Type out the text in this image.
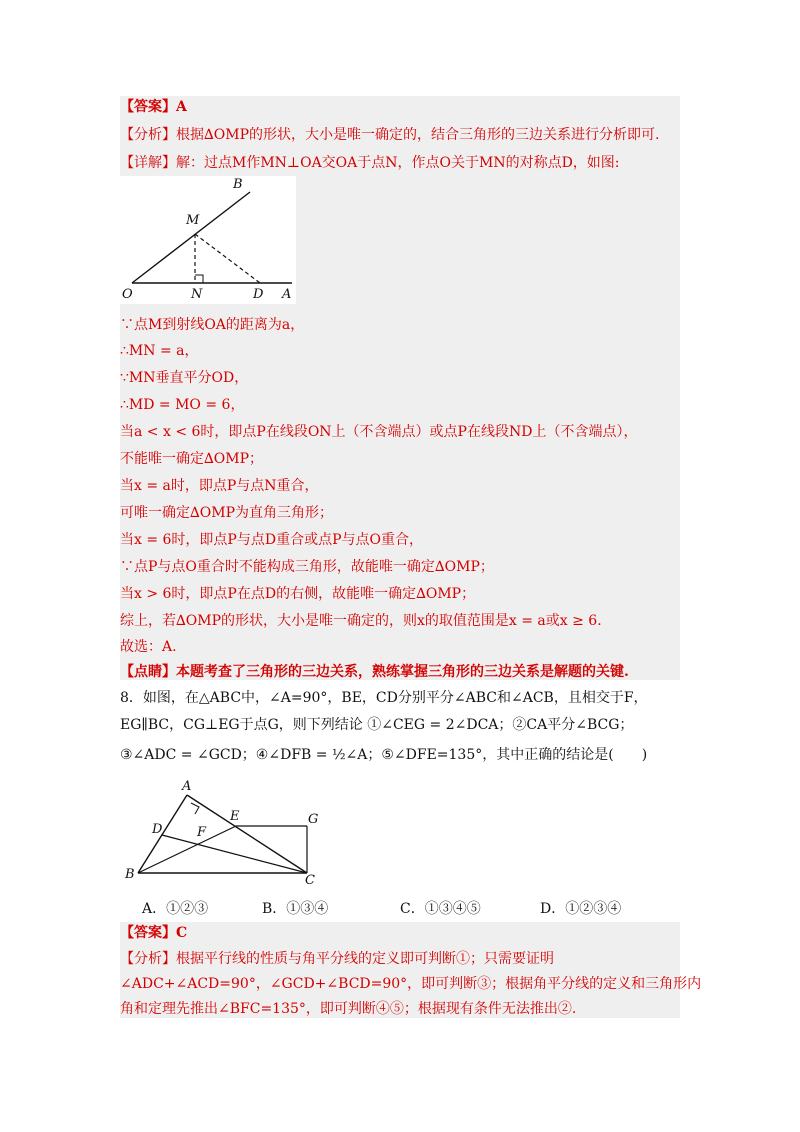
【答案】A
【分析】根据∆OMP的形状，大小是唯一确定的，结合三角形的三边关系进行分析即可.
【详解】解：过点M作MN⊥OA交OA于点N，作点O关于MN的对称点D，如图:
B
M
O	N	D A
∵点M到射线OA的距离为a，
∴MN = a，
∵MN垂直平分OD，
∴MD = MO = 6，
当a < x < 6时，即点P在线段ON上（不含端点）或点P在线段ND上（不含端点），
不能唯一确定∆OMP；
当x = a时，即点P与点N重合，
可唯一确定∆OMP为直角三角形；
当x = 6时，即点P与点D重合或点P与点O重合，
∵点P与点O重合时不能构成三角形，故能唯一确定∆OMP；
当x > 6时，即点P在点D的右侧，故能唯一确定∆OMP；
综上，若∆OMP的形状，大小是唯一确定的，则x的取值范围是x = a或x ≥ 6.
故选：A.
【点睛】本题考查了三角形的三边关系，熟练掌握三角形的三边关系是解题的关键.
8．如图，在△ABC中，∠A=90°，BE，CD分别平分∠ABC和∠ACB，且相交于F，
EG∥BC，CG⊥EG于点G，则下列结论 ①∠CEG = 2∠DCA；②CA平分∠BCG；
③∠ADC = ∠GCD；④∠DFB = ½∠A；⑤∠DFE=135°，其中正确的结论是(　　)
A
D
E
F
G
B	C
A．①②③	B．①③④	C．①③④⑤	D．①②③④
【答案】C
【分析】根据平行线的性质与角平分线的定义即可判断①；只需要证明
∠ADC+∠ACD=90°，∠GCD+∠BCD=90°，即可判断③；根据角平分线的定义和三角形内
角和定理先推出∠BFC=135°，即可判断④⑤；根据现有条件无法推出②.
